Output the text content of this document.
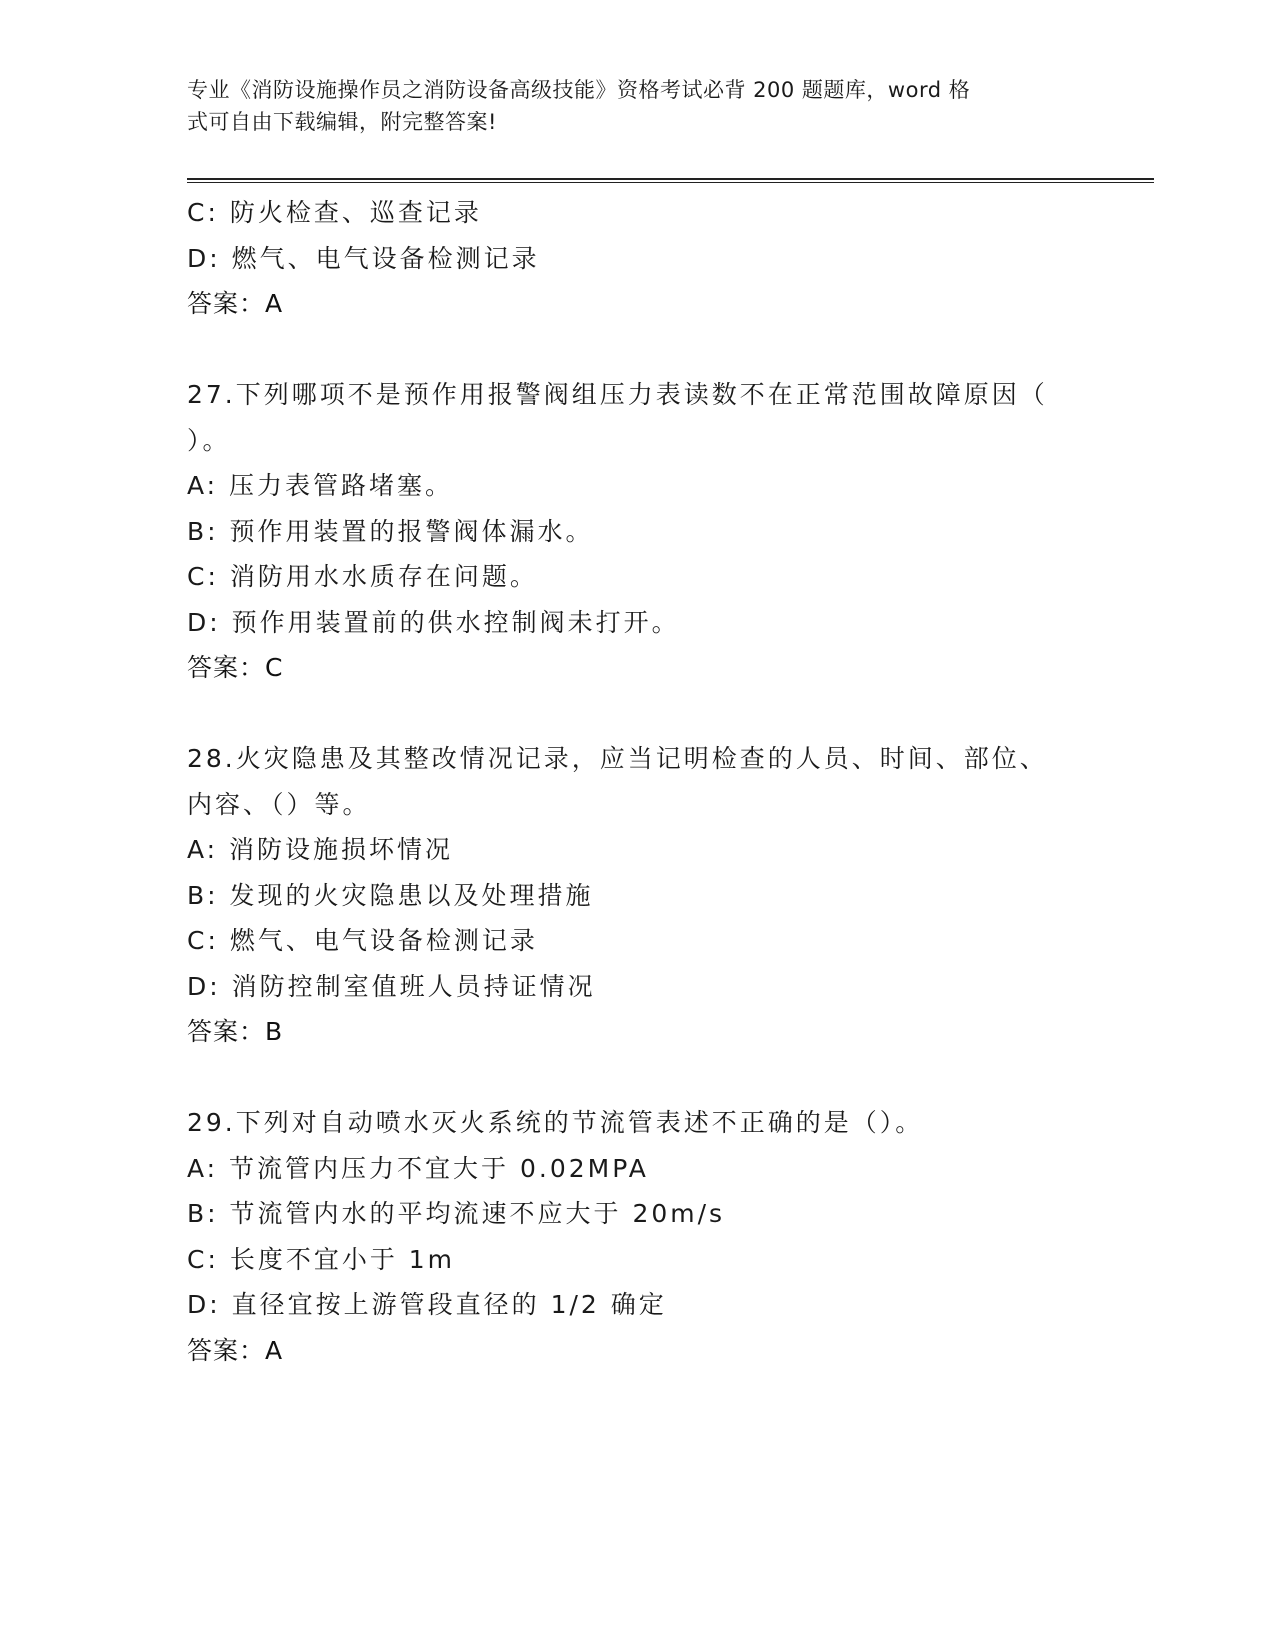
专业《消防设施操作员之消防设备高级技能》资格考试必背 200 题题库，word 格
式可自由下载编辑，附完整答案!
C: 防火检查、巡查记录
D: 燃气、电气设备检测记录
答案：A
27.下列哪项不是预作用报警阀组压力表读数不在正常范围故障原因（
）。
A: 压力表管路堵塞。
B: 预作用装置的报警阀体漏水。
C: 消防用水水质存在问题。
D: 预作用装置前的供水控制阀未打开。
答案：C
28.火灾隐患及其整改情况记录，应当记明检查的人员、时间、部位、
内容、（）等。
A: 消防设施损坏情况
B: 发现的火灾隐患以及处理措施
C: 燃气、电气设备检测记录
D: 消防控制室值班人员持证情况
答案：B
29.下列对自动喷水灭火系统的节流管表述不正确的是（）。
A: 节流管内压力不宜大于 0.02MPA
B: 节流管内水的平均流速不应大于 20m/s
C: 长度不宜小于 1m
D: 直径宜按上游管段直径的 1/2 确定
答案：A
